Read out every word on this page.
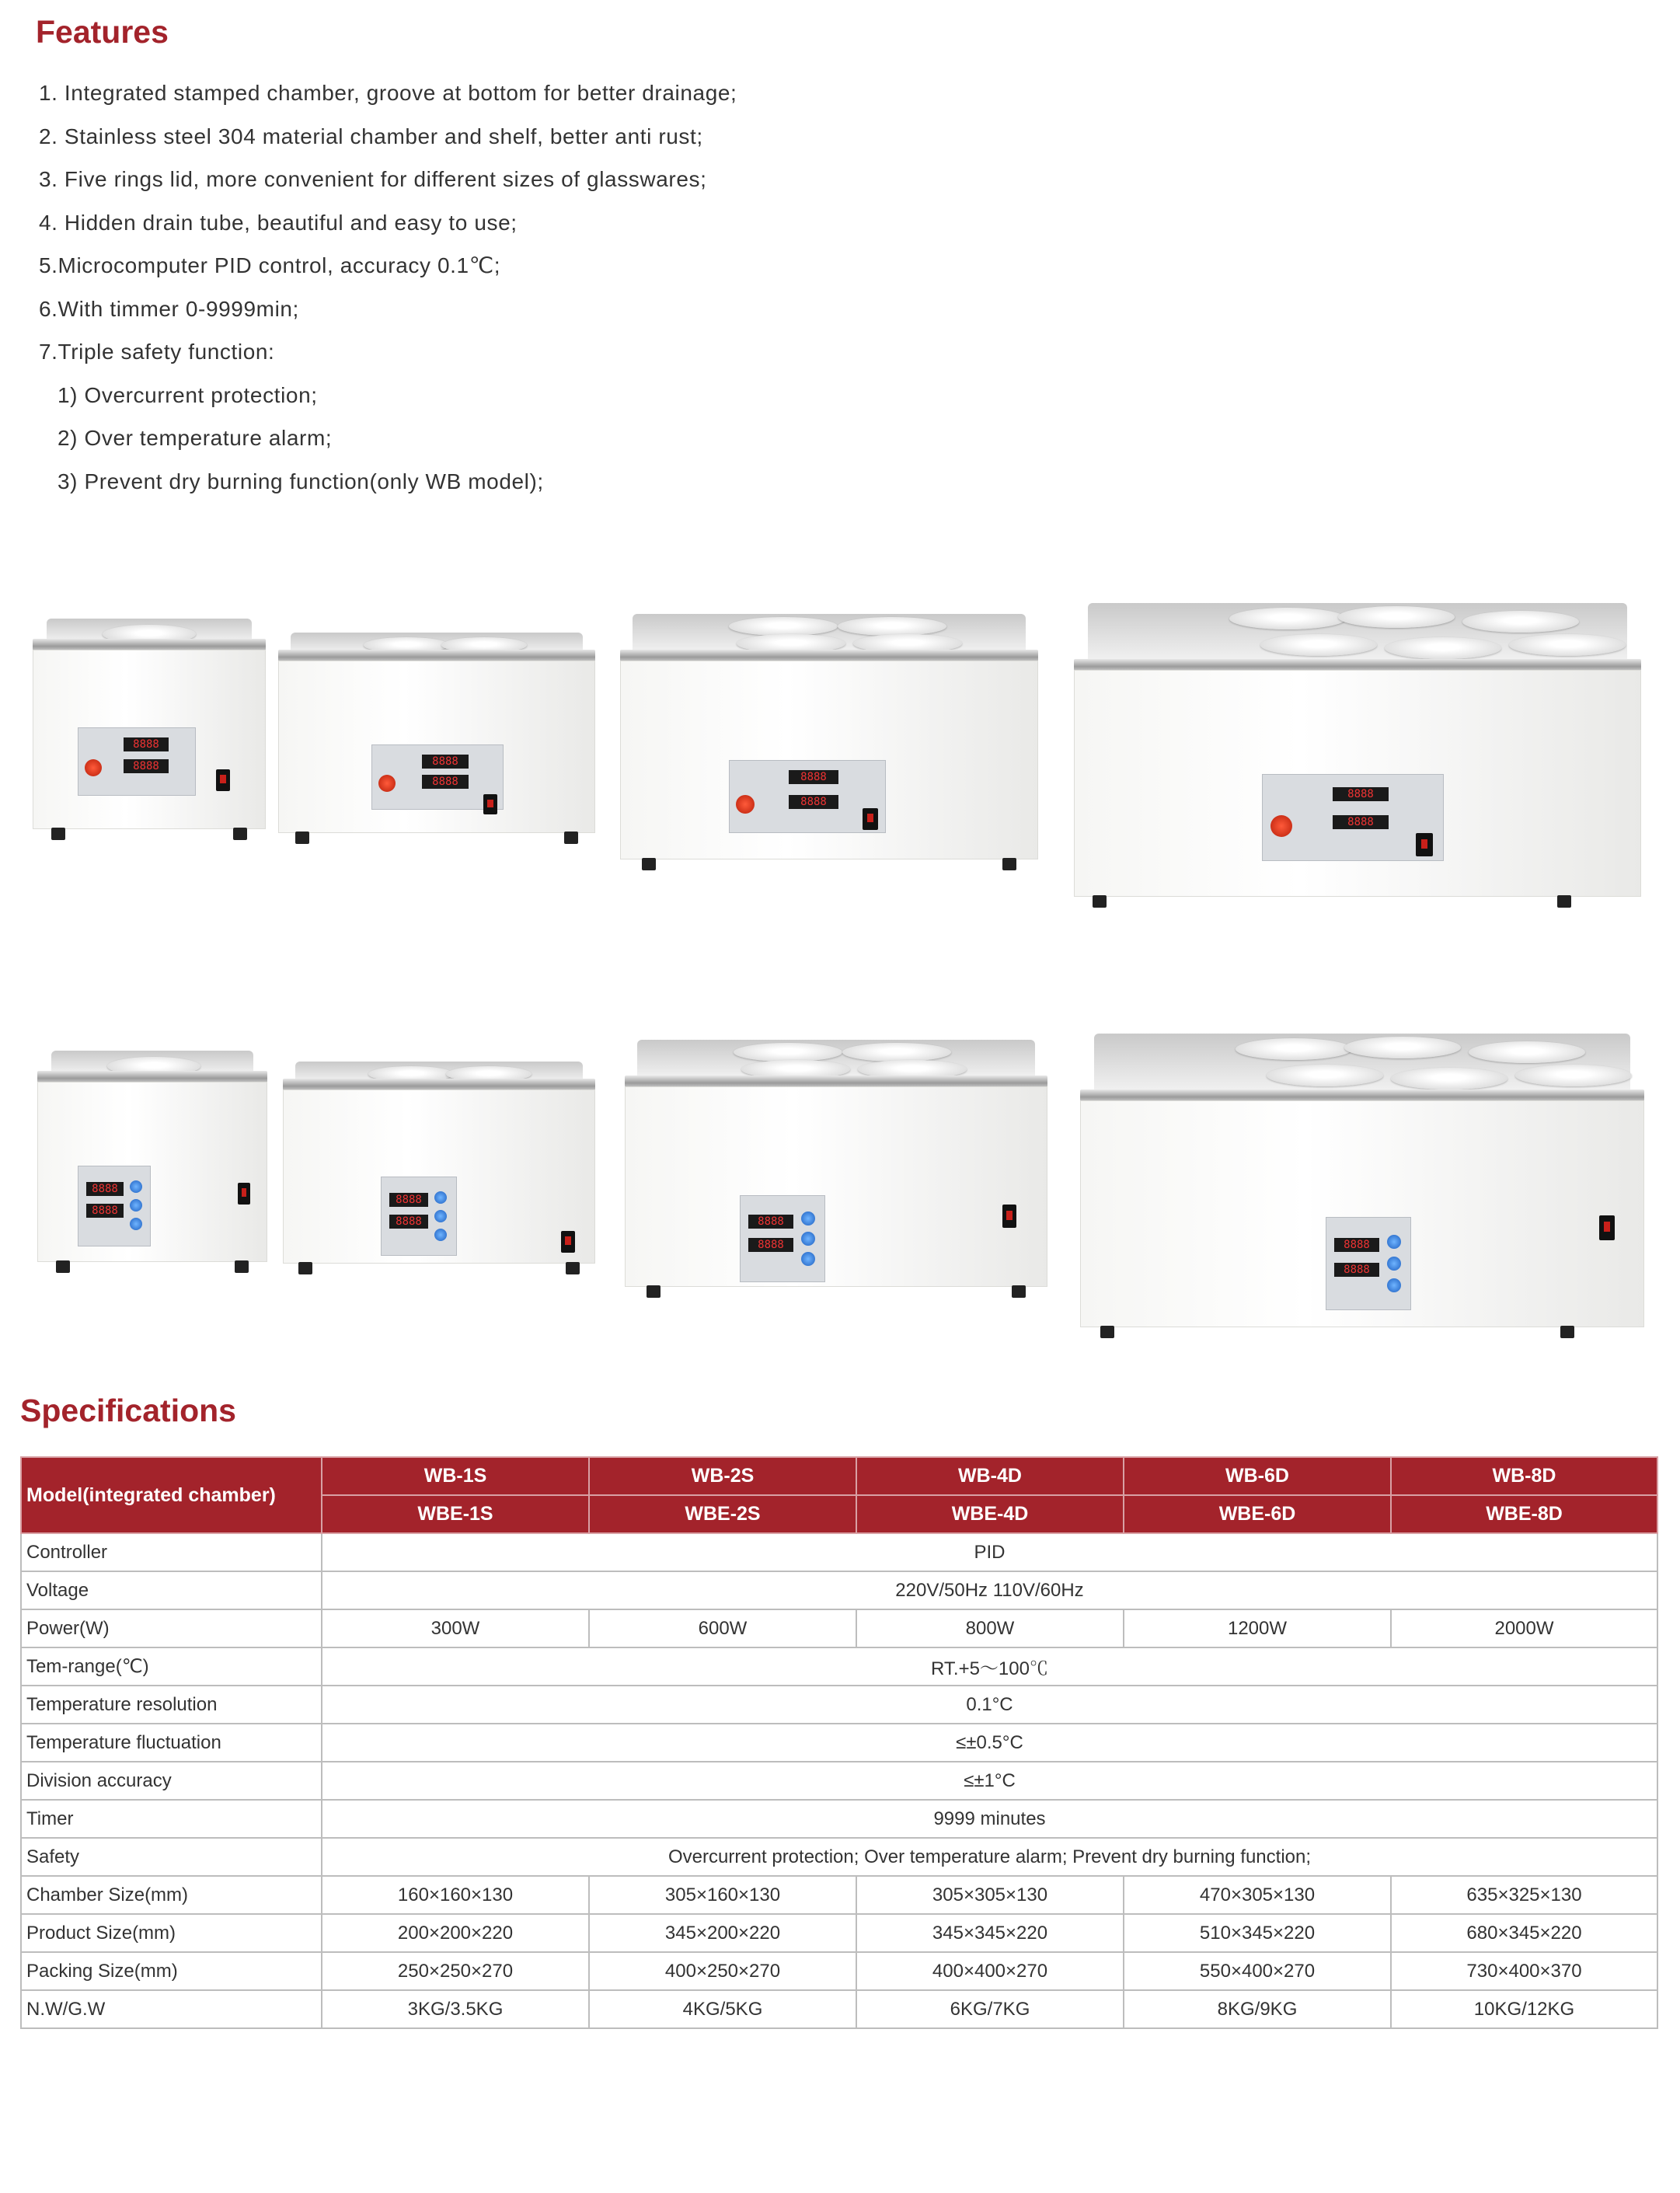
Features
1. Integrated stamped chamber, groove at bottom for better drainage;
2. Stainless steel 304 material chamber and shelf, better anti rust;
3. Five rings lid, more convenient for different sizes of glasswares;
4. Hidden drain tube, beautiful and easy to use;
5.Microcomputer PID control, accuracy 0.1℃;
6.With timmer 0-9999min;
7.Triple safety function:
1) Overcurrent protection;
2) Over temperature alarm;
3) Prevent dry burning function(only WB model);
8888
8888	8888
8888	8888
8888
8888
8888
8888
8888
8888
8888	8888
8888	8888
8888
Specifications
Model(integrated chamber)	WB-1S	WB-2S	WB-4D	WB-6D	WB-8D
	WBE-1S	WBE-2S	WBE-4D	WBE-6D	WBE-8D
Controller	PID				
Voltage	220V/50Hz 110V/60Hz				
Power(W)	300W	600W	800W	1200W	2000W
Tem-range(℃)	RT.+5～100℃				
Temperature resolution	0.1°C				
Temperature fluctuation	≤±0.5°C				
Division accuracy	≤±1°C				
Timer	9999 minutes				
Safety	Overcurrent protection; Over temperature alarm; Prevent dry burning function;				
Chamber Size(mm)	160×160×130	305×160×130	305×305×130	470×305×130	635×325×130
Product Size(mm)	200×200×220	345×200×220	345×345×220	510×345×220	680×345×220
Packing Size(mm)	250×250×270	400×250×270	400×400×270	550×400×270	730×400×370
N.W/G.W	3KG/3.5KG	4KG/5KG	6KG/7KG	8KG/9KG	10KG/12KG
